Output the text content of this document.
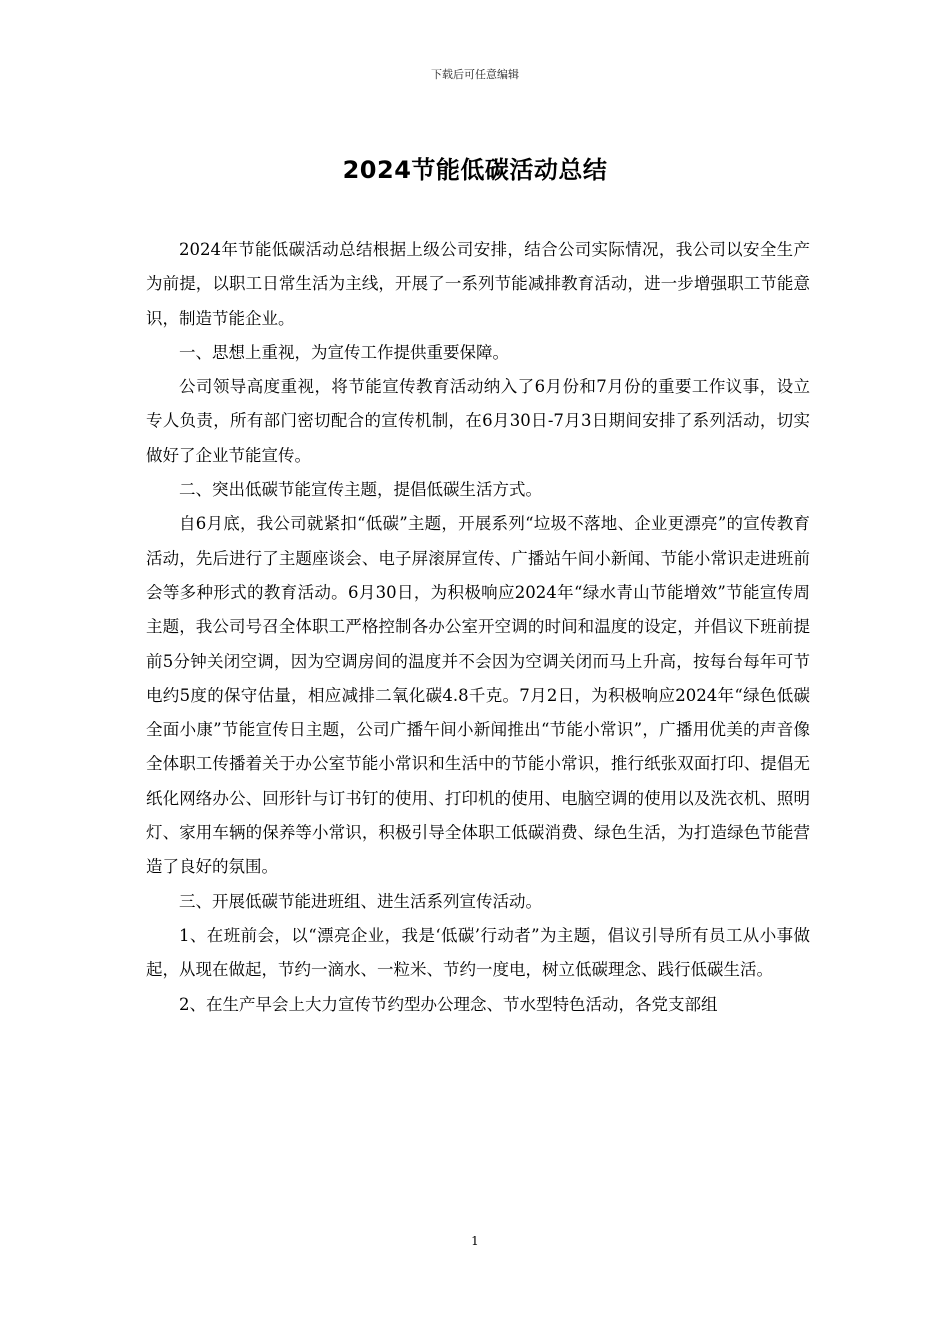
下载后可任意编辑
2024节能低碳活动总结

2024年节能低碳活动总结根据上级公司安排，结合公司实际情况，我公司以安全生产为前提，以职工日常生活为主线，开展了一系列节能减排教育活动，进一步增强职工节能意识，制造节能企业。

一、思想上重视，为宣传工作提供重要保障。

公司领导高度重视，将节能宣传教育活动纳入了6月份和7月份的重要工作议事，设立专人负责，所有部门密切配合的宣传机制，在6月30日-7月3日期间安排了系列活动，切实做好了企业节能宣传。

二、突出低碳节能宣传主题，提倡低碳生活方式。

自6月底，我公司就紧扣“低碳”主题，开展系列“垃圾不落地、企业更漂亮”的宣传教育活动，先后进行了主题座谈会、电子屏滚屏宣传、广播站午间小新闻、节能小常识走进班前会等多种形式的教育活动。6月30日，为积极响应2024年“绿水青山节能增效”节能宣传周主题，我公司号召全体职工严格控制各办公室开空调的时间和温度的设定，并倡议下班前提前5分钟关闭空调，因为空调房间的温度并不会因为空调关闭而马上升高，按每台每年可节电约5度的保守估量，相应减排二氧化碳4.8千克。7月2日，为积极响应2024年“绿色低碳全面小康”节能宣传日主题，公司广播午间小新闻推出“节能小常识”，广播用优美的声音像全体职工传播着关于办公室节能小常识和生活中的节能小常识，推行纸张双面打印、提倡无纸化网络办公、回形针与订书钉的使用、打印机的使用、电脑空调的使用以及洗衣机、照明灯、家用车辆的保养等小常识，积极引导全体职工低碳消费、绿色生活，为打造绿色节能营造了良好的氛围。

三、开展低碳节能进班组、进生活系列宣传活动。

1、在班前会，以“漂亮企业，我是‘低碳’行动者”为主题，倡议引导所有员工从小事做起，从现在做起，节约一滴水、一粒米、节约一度电，树立低碳理念、践行低碳生活。

2、在生产早会上大力宣传节约型办公理念、节水型特色活动，各党支部组

1
